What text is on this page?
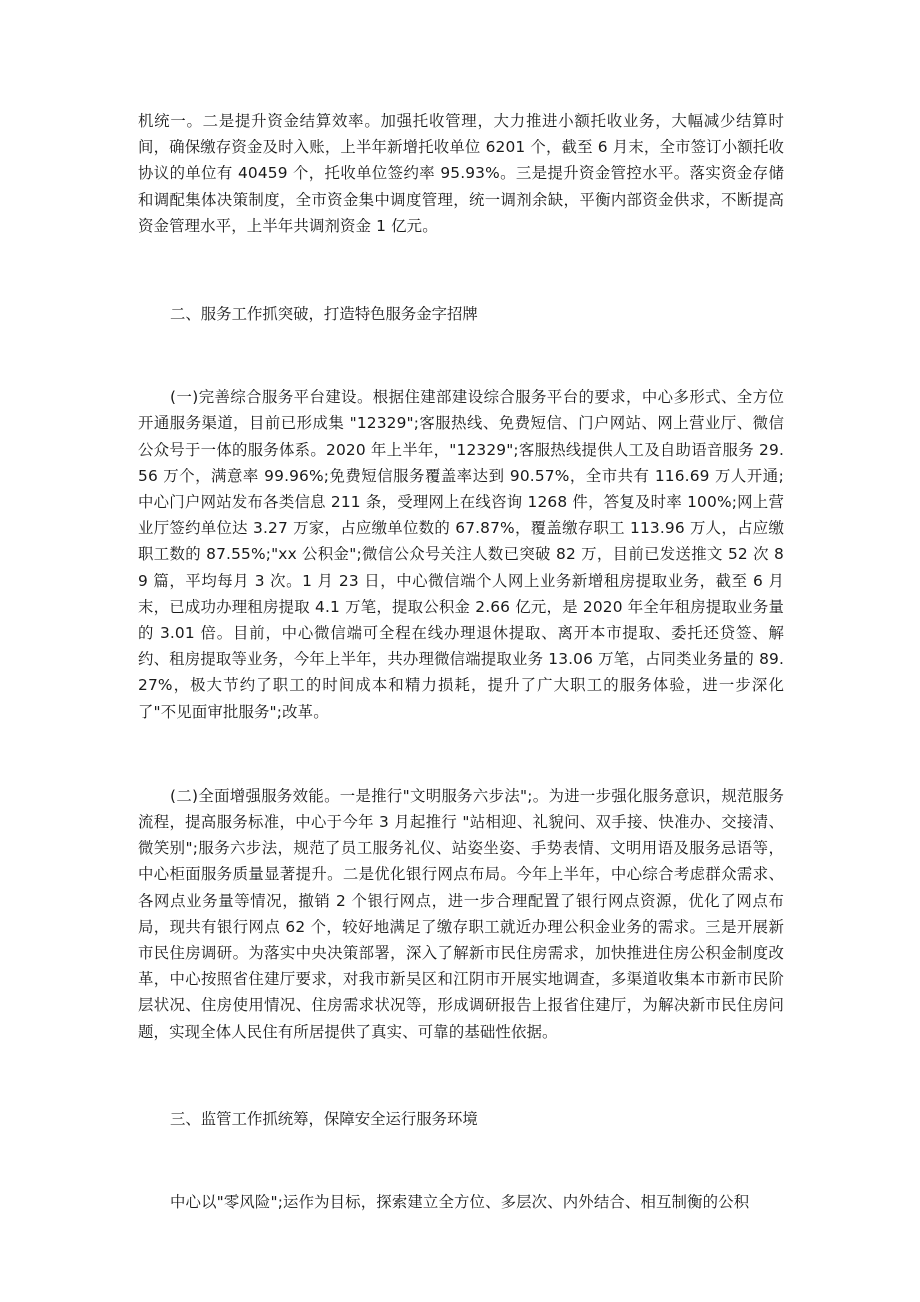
机统一。二是提升资金结算效率。加强托收管理，大力推进小额托收业务，大幅减少结算时间，确保缴存资金及时入账，上半年新增托收单位 6201 个，截至 6 月末，全市签订小额托收协议的单位有 40459 个，托收单位签约率 95.93%。三是提升资金管控水平。落实资金存储和调配集体决策制度，全市资金集中调度管理，统一调剂余缺，平衡内部资金供求，不断提高资金管理水平，上半年共调剂资金 1 亿元。

二、服务工作抓突破，打造特色服务金字招牌

(一)完善综合服务平台建设。根据住建部建设综合服务平台的要求，中心多形式、全方位开通服务渠道，目前已形成集 "12329";客服热线、免费短信、门户网站、网上营业厅、微信公众号于一体的服务体系。2020 年上半年，"12329";客服热线提供人工及自助语音服务 29.56 万个，满意率 99.96%;免费短信服务覆盖率达到 90.57%，全市共有 116.69 万人开通;中心门户网站发布各类信息 211 条，受理网上在线咨询 1268 件，答复及时率 100%;网上营业厅签约单位达 3.27 万家，占应缴单位数的 67.87%，覆盖缴存职工 113.96 万人，占应缴职工数的 87.55%;"xx 公积金";微信公众号关注人数已突破 82 万，目前已发送推文 52 次 89 篇，平均每月 3 次。1 月 23 日，中心微信端个人网上业务新增租房提取业务，截至 6 月末，已成功办理租房提取 4.1 万笔，提取公积金 2.66 亿元，是 2020 年全年租房提取业务量的 3.01 倍。目前，中心微信端可全程在线办理退休提取、离开本市提取、委托还贷签、解约、租房提取等业务，今年上半年，共办理微信端提取业务 13.06 万笔，占同类业务量的 89.27%，极大节约了职工的时间成本和精力损耗，提升了广大职工的服务体验，进一步深化了"不见面审批服务";改革。

(二)全面增强服务效能。一是推行"文明服务六步法";。为进一步强化服务意识，规范服务流程，提高服务标准，中心于今年 3 月起推行 "站相迎、礼貌问、双手接、快准办、交接清、微笑别";服务六步法，规范了员工服务礼仪、站姿坐姿、手势表情、文明用语及服务忌语等，中心柜面服务质量显著提升。二是优化银行网点布局。今年上半年，中心综合考虑群众需求、各网点业务量等情况，撤销 2 个银行网点，进一步合理配置了银行网点资源，优化了网点布局，现共有银行网点 62 个，较好地满足了缴存职工就近办理公积金业务的需求。三是开展新市民住房调研。为落实中央决策部署，深入了解新市民住房需求，加快推进住房公积金制度改革，中心按照省住建厅要求，对我市新吴区和江阴市开展实地调查，多渠道收集本市新市民阶层状况、住房使用情况、住房需求状况等，形成调研报告上报省住建厅，为解决新市民住房问题，实现全体人民住有所居提供了真实、可靠的基础性依据。

三、监管工作抓统筹，保障安全运行服务环境

中心以"零风险";运作为目标，探索建立全方位、多层次、内外结合、相互制衡的公积
